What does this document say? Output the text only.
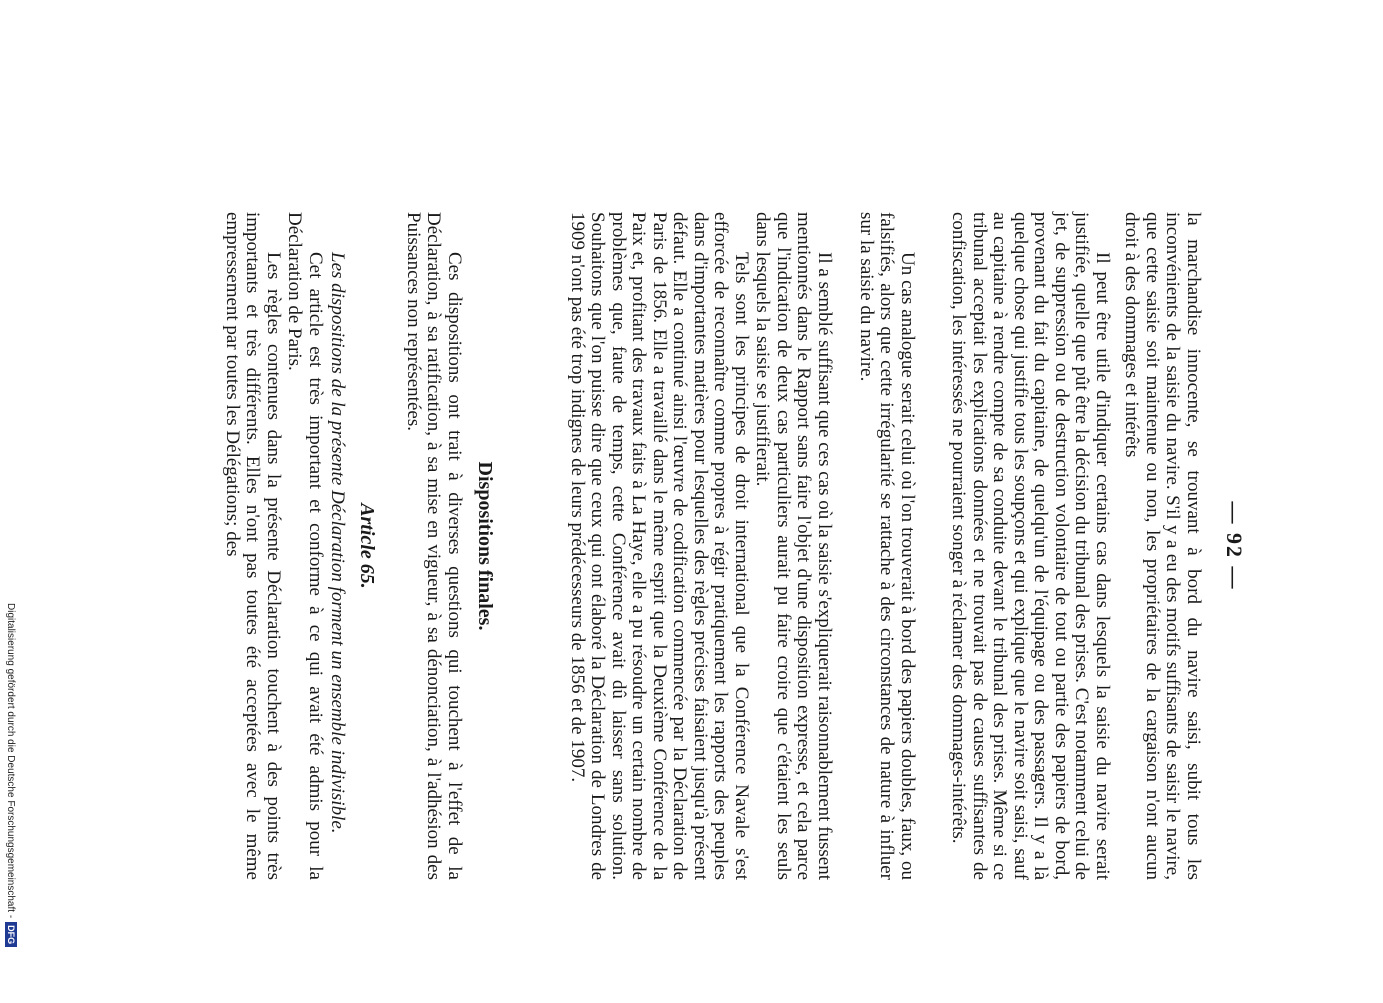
— 92 —

la marchandise innocente, se trouvant à bord du navire saisi, subit tous les inconvénients de la saisie du navire. S'il y a eu des motifs suffisants de saisir le navire, que cette saisie soit maintenue ou non, les propriétaires de la cargaison n'ont aucun droit à des dommages et intérêts

Il peut être utile d'indiquer certains cas dans lesquels la saisie du navire serait justifiée, quelle que pût être la décision du tribunal des prises. C'est notamment celui de jet, de suppression ou de destruction volontaire de tout ou partie des papiers de bord, provenant du fait du capitaine, de quelqu'un de l'équipage ou des passagers. Il y a là quelque chose qui justifie tous les soupçons et qui explique que le navire soit saisi, sauf au capitaine à rendre compte de sa conduite devant le tribunal des prises. Même si ce tribunal acceptait les explications données et ne trouvait pas de causes suffisantes de confiscation, les intéressés ne pourraient songer à réclamer des dommages-intérêts.

Un cas analogue serait celui où l'on trouverait à bord des papiers doubles, faux, ou falsifiés, alors que cette irrégularité se rattache à des circonstances de nature à influer sur la saisie du navire.

Il a semblé suffisant que ces cas où la saisie s'expliquerait raisonnablement fussent mentionnés dans le Rapport sans faire l'objet d'une disposition expresse, et cela parce que l'indication de deux cas particuliers aurait pu faire croire que c'étaient les seuls dans lesquels la saisie se justifierait.

Tels sont les principes de droit international que la Conférence Navale s'est efforcée de reconnaître comme propres à régir pratiquement les rapports des peuples dans d'importantes matières pour lesquelles des règles précises faisaient jusqu'à présent défaut. Elle a continué ainsi l'œuvre de codification commencée par la Déclaration de Paris de 1856. Elle a travaillé dans le même esprit que la Deuxième Conférence de la Paix et, profitant des travaux faits à La Haye, elle a pu résoudre un certain nombre de problèmes que, faute de temps, cette Conférence avait dû laisser sans solution. Souhaitons que l'on puisse dire que ceux qui ont élaboré la Déclaration de Londres de 1909 n'ont pas été trop indignes de leurs prédécesseurs de 1856 et de 1907.

Dispositions finales.

Ces dispositions ont trait à diverses questions qui touchent à l'effet de la Déclaration, à sa ratification, à sa mise en vigueur, à sa dénonciation, à l'adhésion des Puissances non représentées.

Article 65.

Les dispositions de la présente Déclaration forment un ensemble indivisible.

Cet article est très important et conforme à ce qui avait été admis pour la Déclaration de Paris.

Les règles contenues dans la présente Déclaration touchent à des points très importants et très différents. Elles n'ont pas toutes été acceptées avec le même empressement par toutes les Délégations; des

Digitalisierung gefördert durch die Deutsche Forschungsgemeinschaft -DFG
